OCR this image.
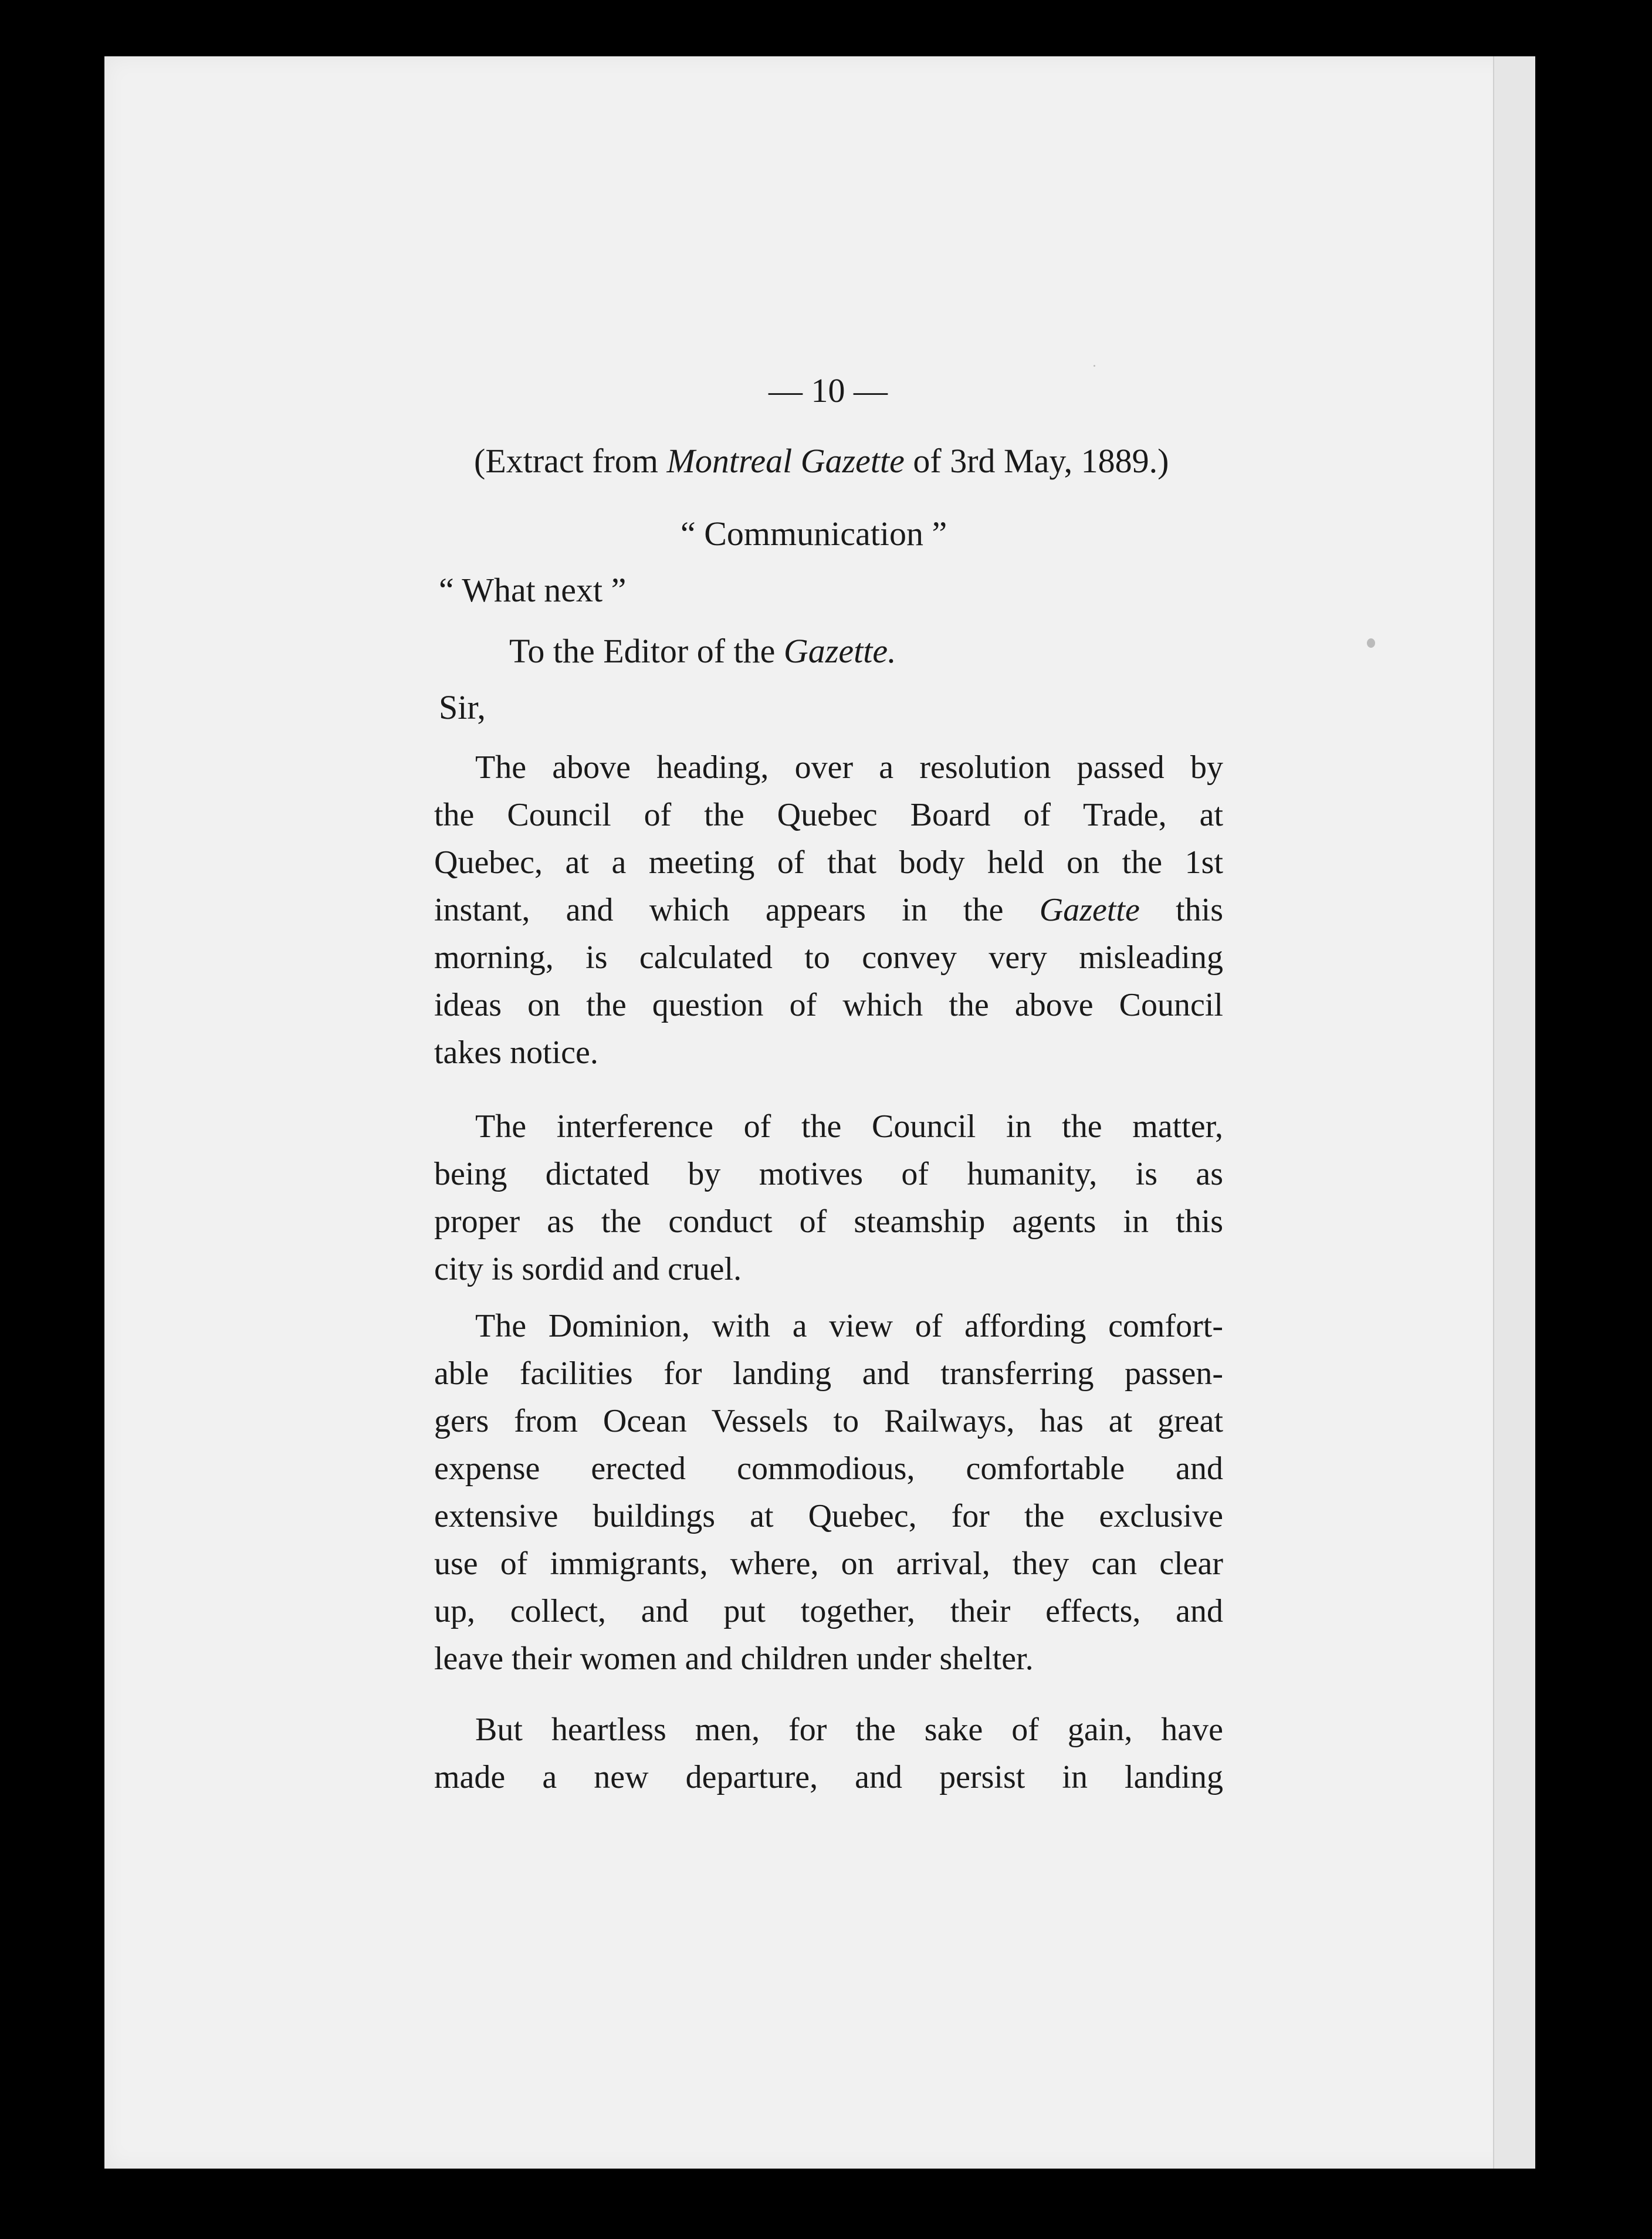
— 10 —
(Extract from Montreal Gazette of 3rd May, 1889.)
“ Communication ”
“ What next ”
To the Editor of the Gazette.
Sir,
The above heading, over a resolution passed by
the Council of the Quebec Board of Trade, at
Quebec, at a meeting of that body held on the 1st
instant, and which appears in the Gazette this
morning, is calculated to convey very misleading
ideas on the question of which the above Council
takes notice.
The interference of the Council in the matter,
being dictated by motives of humanity, is as
proper as the conduct of steamship agents in this
city is sordid and cruel.
The Dominion, with a view of affording comfort-
able facilities for landing and transferring passen-
gers from Ocean Vessels to Railways, has at great
expense erected commodious, comfortable and
extensive buildings at Quebec, for the exclusive
use of immigrants, where, on arrival, they can clear
up, collect, and put together, their effects, and
leave their women and children under shelter.
But heartless men, for the sake of gain, have
made a new departure, and persist in landing
